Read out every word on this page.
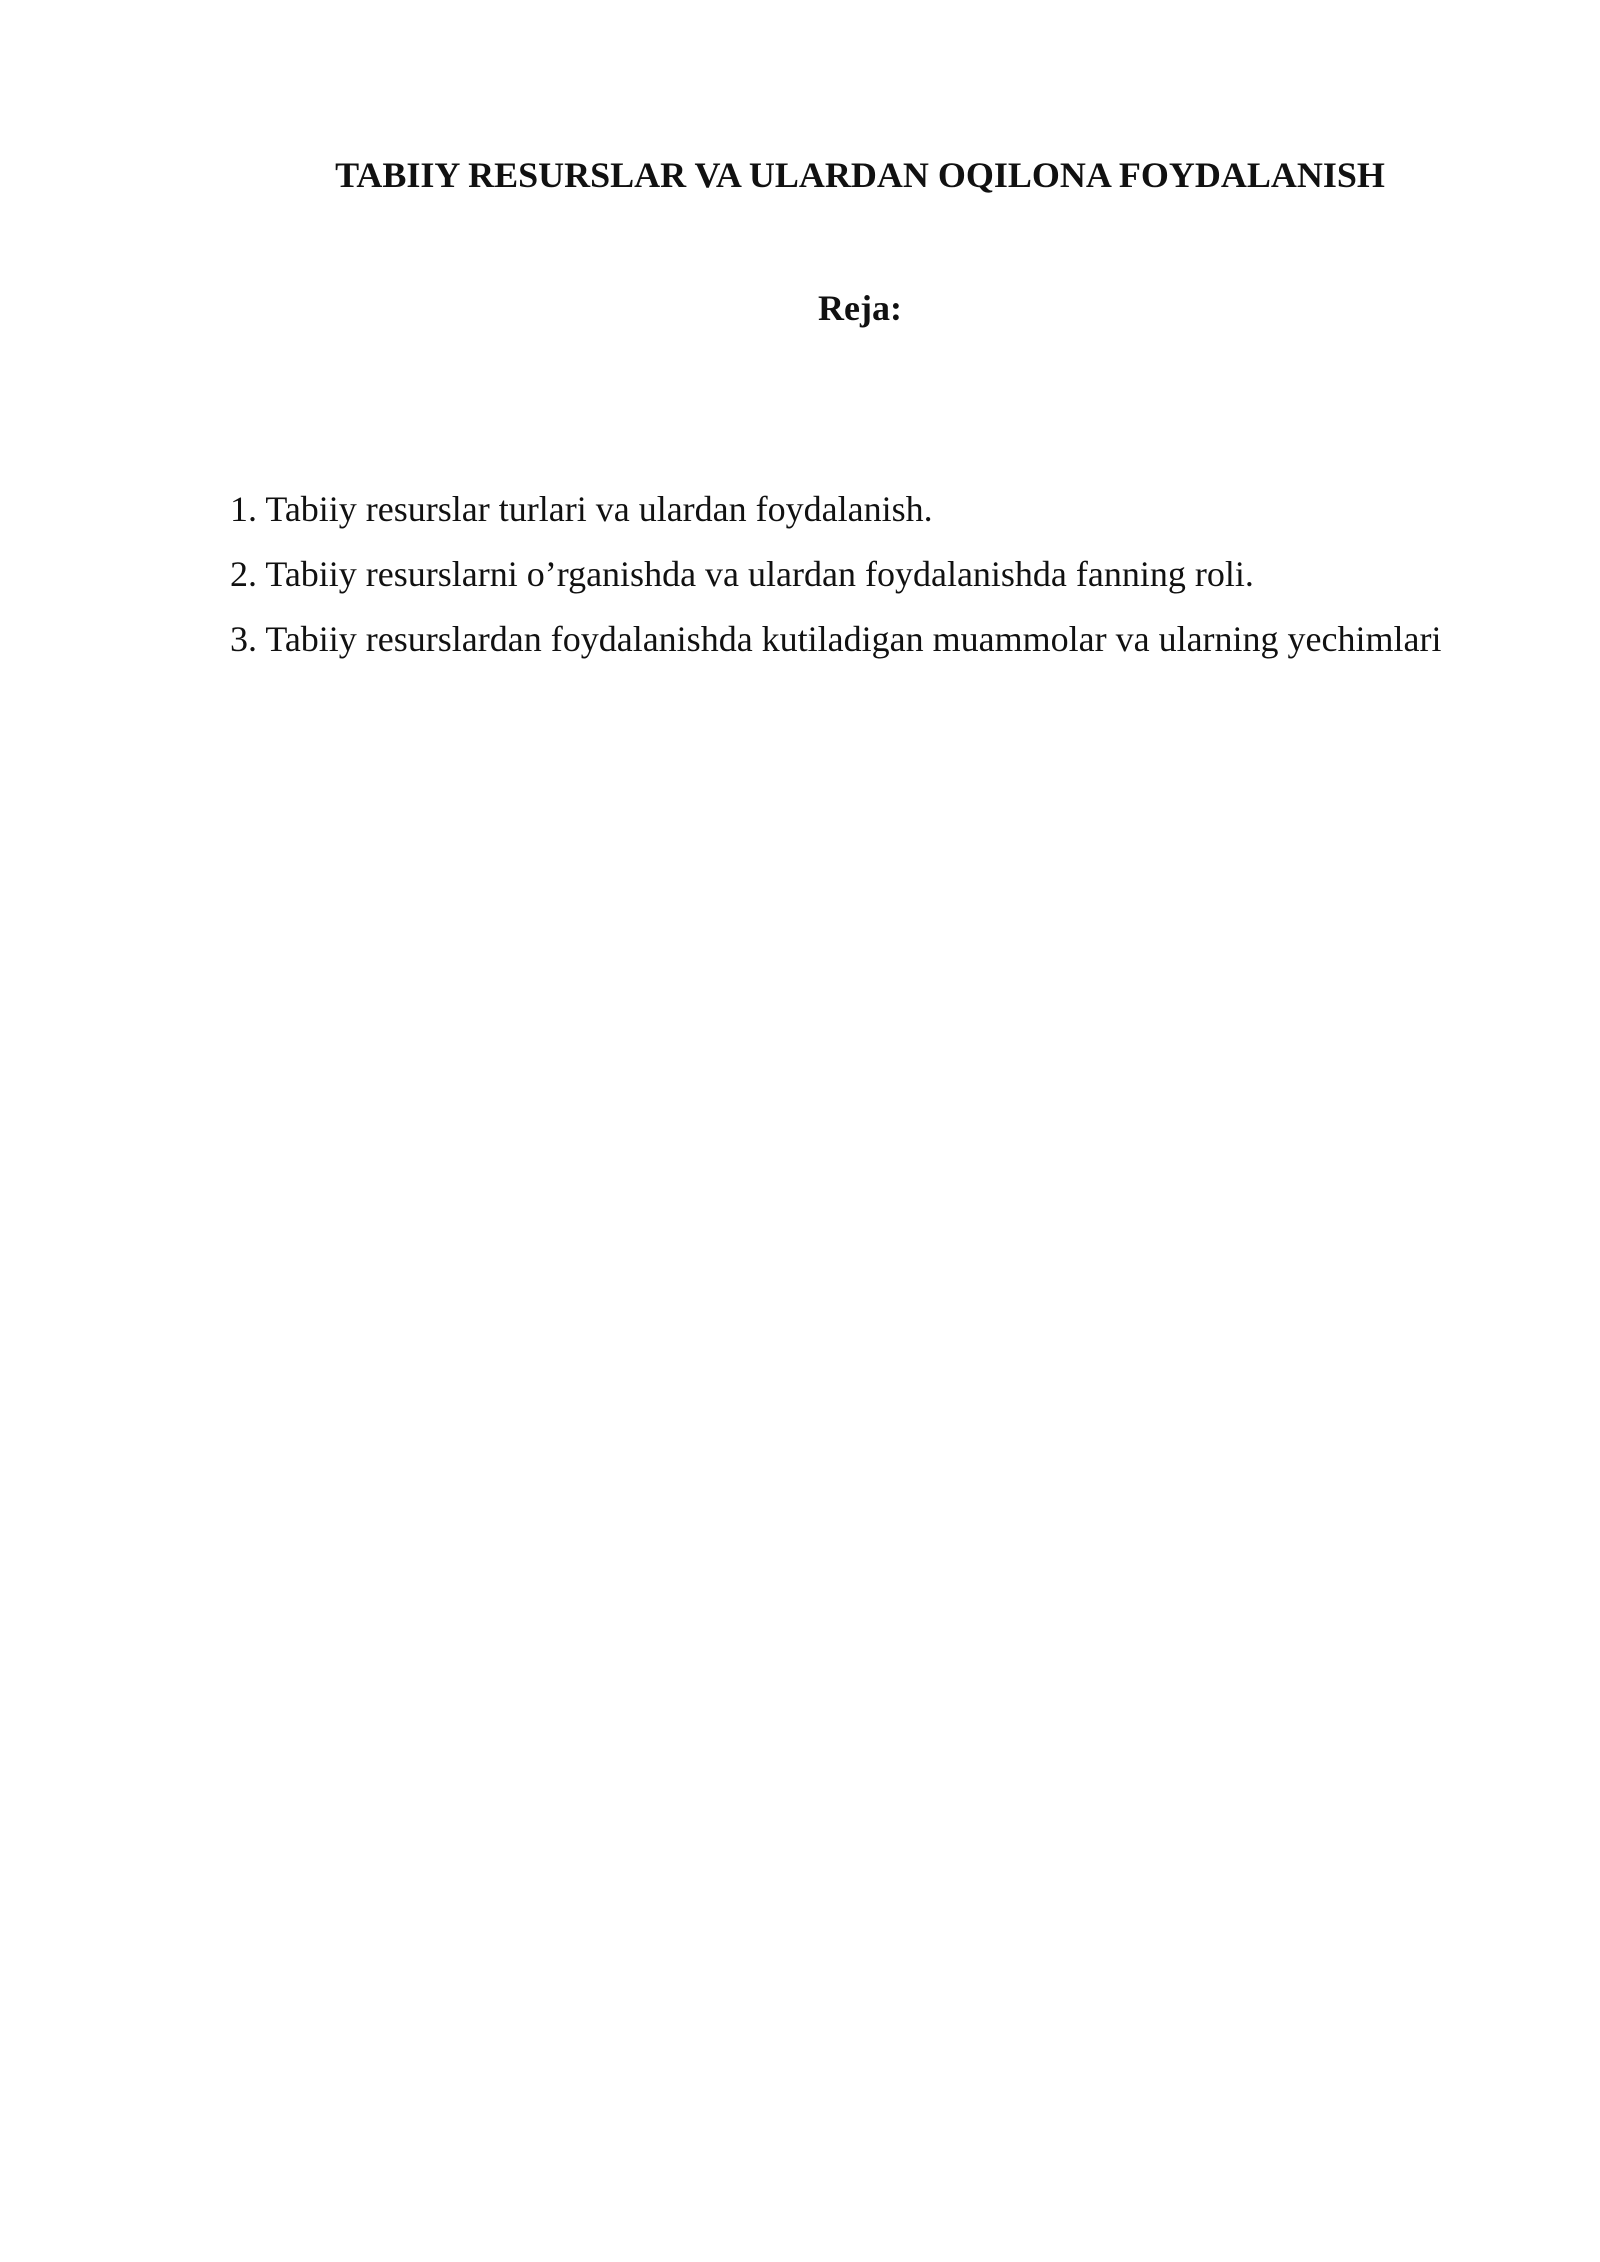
TABIIY RESURSLAR VA ULARDAN OQILONA FOYDALANISH
Reja:
1. Tabiiy resurslar turlari va ulardan foydalanish.
2. Tabiiy resurslarni o’rganishda va ulardan foydalanishda fanning roli.
3. Tabiiy resurslardan foydalanishda kutiladigan muammolar va ularning yechimlari
